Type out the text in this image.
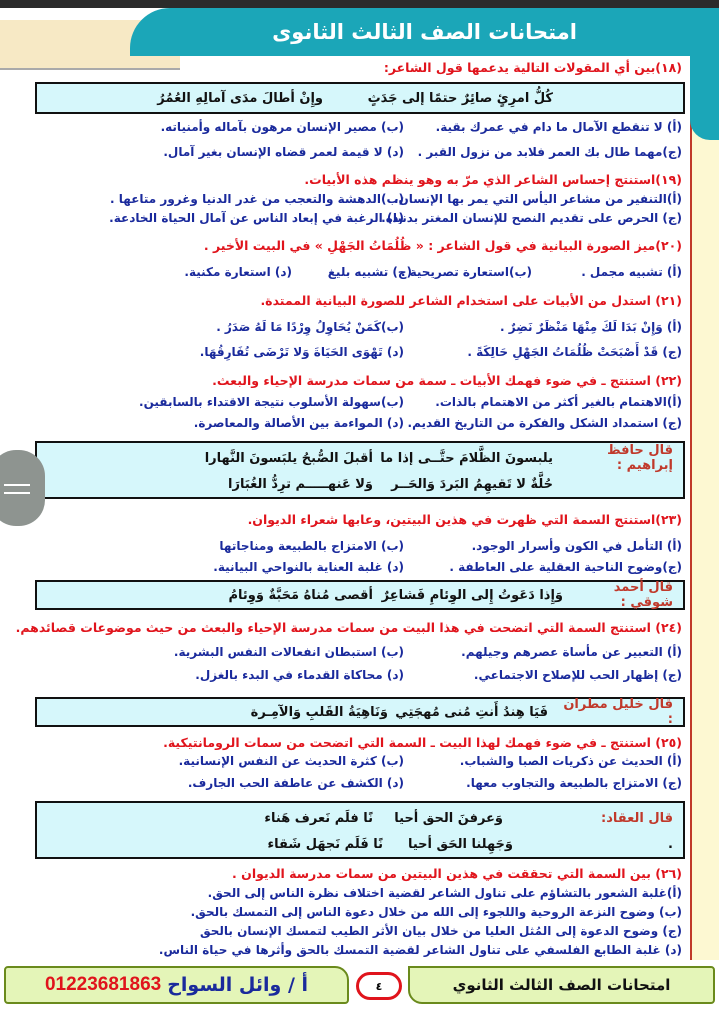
امتحانات الصف الثالث الثانوى
(١٨)بين أي المقولات التالية يدعمها قول الشاعر:
كُلُّ امرِئٍ صائِرٌ حتمًا إلى جَدَثٍ
وإِنْ أطالَ مدَى آمالِهِ العُمُرُ
(أ) لا تنقطع الآمال ما دام في عمرك بقية.
(ب) مصير الإنسان مرهون بآماله وأمنياته.
(ج)مهما طال بك العمر فلابد من نزول القبر .
(د) لا قيمة لعمر قضاه الإنسان بغير آمال.
(١٩)استنتج إحساس الشاعر الذي مرّ به وهو ينظم هذه الأبيات.
(أ)التنفير من مشاعر اليأس التي يمر بها الإنسان.
(ب)الدهشة والتعجب من غدر الدنيا وغرور متاعها .
(ج) الحرص على تقديم النصح للإنسان المغتر بدنياه.
(د) الرغبة في إبعاد الناس عن آمال الحياة الخادعة.
(٢٠)ميز الصورة البيانية في قول الشاعر : « ظُلُمَاتُ الجَهْلِ » في البيت الأخير .
(أ) تشبيه مجمل .
(ب)استعارة تصريحية .
(ج) تشبيه بليغ
(د) استعارة مكنية.
(٢١) استدل من الأبيات على استخدام الشاعر للصورة البيانية الممتدة.
(أ) وَإِنْ بَدَا لَكَ مِنْهَا مَنْظَرٌ نَضِرٌ .
(ب)كَمَنْ يُحَاوِلُ وِرْدًا مَا لَهُ صَدَرُ .
(ج) قَدْ أَصْبَحَتْ ظُلُمَاتُ الجَهْلِ حَالِكَةً .
(د) تَهْوَى الحَيَاةَ وَلا تَرْضَى تُفَارِقُهَا.
(٢٢) استنتج ـ في ضوء فهمك الأبيات ـ سمة من سمات مدرسة الإحياء والبعث.
(أ)الاهتمام بالغير أكثر من الاهتمام بالذات.
(ب)سهولة الأسلوب نتيجة الاقتداء بالسابقين.
(ج) استمداد الشكل والفكرة من التاريخ القديم.
(د) المواءمة بين الأصالة والمعاصرة.
قال حافظ إبراهيم :
يلبسونَ الظَّلامَ حتَّــى إذا ما
أقبلَ الصُّبحُ يلبَسونَ النَّهارا
حُلَّةٌ لا تَقيهِمُ البَردَ وَالحَــر
وَلا عَنهـــــم ترِدُّ الغُبَارَا
(٢٣)استنتج السمة التي ظهرت في هذين البيتين، وعابها شعراء الديوان.
(أ) التأمل في الكون وأسرار الوجود.
(ب) الامتزاج بالطبيعة ومناجاتها
(ج)وضوح الناحية العقلية على العاطفة .
(د) غلبة العناية بالنواحي البيانية.
قال أحمد شوقي :
وَإِذا دَعَوتُ إِلى الوِئامِ فَشاعِرٌ
أقصى مُناهُ مَحَبَّةٌ وَوِئامُ
(٢٤) استنتج السمة التي اتضحت في هذا البيت من سمات مدرسة الإحياء والبعث من حيث موضوعات قصائدهم.
(أ) التعبير عن مأساة عصرهم وجيلهم.
(ب) استبطان انفعالات النفس البشرية.
(ج) إظهار الحب للإصلاح الاجتماعي.
(د) محاكاة القدماء في البدء بالغزل.
قال خليل مطران :
فَيَا هِندُ أَنتِ مُنى مُهجَتِي
وَنَاهِيَةُ القَلبِ وَالآمِـرة
(٢٥) استنتج ـ في ضوء فهمك لهذا البيت ـ السمة التي اتضحت من سمات الرومانتيكية.
(أ) الحديث عن ذكريات الصبا والشباب.
(ب) كثرة الحديث عن النفس الإنسانية.
(ج) الامتزاج بالطبيعة والتجاوب معها.
(د) الكشف عن عاطفة الحب الجارف.
قال العقاد:
وَعرفنَ الحق أحيا
نًا فلَم نَعرف هَناء
.
وَجَهِلنا الحَق أحيا
نًا فَلَم نَجهَل شَقاء
(٢٦) بين السمة التي تحققت في هذين البيتين من سمات مدرسة الديوان .
(أ)غلبة الشعور بالتشاؤم على تناول الشاعر لقضية اختلاف نظرة الناس إلى الحق.
(ب) وضوح النزعة الروحية واللجوء إلى الله من خلال دعوة الناس إلى التمسك بالحق.
(ج) وضوح الدعوة إلى المُثل العليا من خلال بيان الأثر الطيب لتمسك الإنسان بالحق
(د) غلبة الطابع الفلسفي على تناول الشاعر لقضية التمسك بالحق وأثرها في حياة الناس.
امتحانات الصف الثالث الثانوي
٤
أ / وائل السواح
01223681863
